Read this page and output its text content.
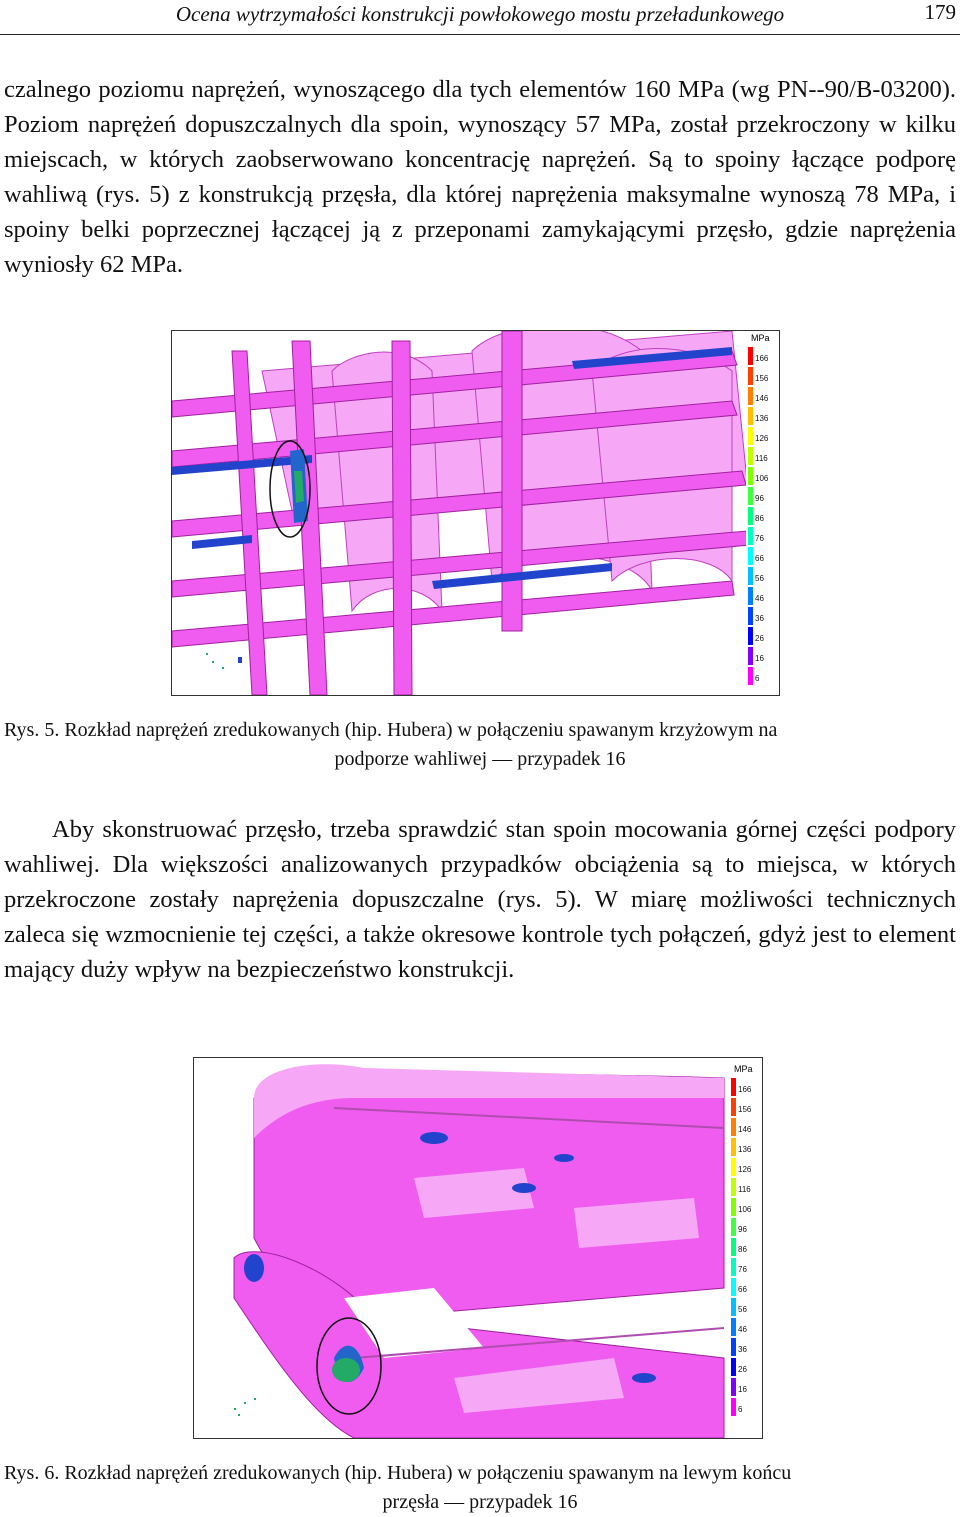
Ocena wytrzymałości konstrukcji powłokowego mostu przeładunkowego	179

czalnego poziomu naprężeń, wynoszącego dla tych elementów 160 MPa (wg PN--90/B-03200). Poziom naprężeń dopuszczalnych dla spoin, wynoszący 57 MPa, został przekroczony w kilku miejscach, w których zaobserwowano koncentrację naprężeń. Są to spoiny łączące podporę wahliwą (rys. 5) z konstrukcją przęsła, dla której naprężenia maksymalne wynoszą 78 MPa, i spoiny belki poprzecznej łączącej ją z przeponami zamykającymi przęsło, gdzie naprężenia wyniosły 62 MPa.

MPa
166
156
146
136
126
116
106
96
86
76
66
56
46
36
26
16
6
Rys. 5. Rozkład naprężeń zredukowanych (hip. Hubera) w połączeniu spawanym krzyżowym na
podporze wahliwej — przypadek 16

Aby skonstruować przęsło, trzeba sprawdzić stan spoin mocowania górnej części podpory wahliwej. Dla większości analizowanych przypadków obciążenia są to miejsca, w których przekroczone zostały naprężenia dopuszczalne (rys. 5). W miarę możliwości technicznych zaleca się wzmocnienie tej części, a także okresowe kontrole tych połączeń, gdyż jest to element mający duży wpływ na bezpieczeństwo konstrukcji.

MPa
166
156
146
136
126
116
106
96
86
76
66
56
46
36
26
16
6
Rys. 6. Rozkład naprężeń zredukowanych (hip. Hubera) w połączeniu spawanym na lewym końcu
przęsła — przypadek 16
